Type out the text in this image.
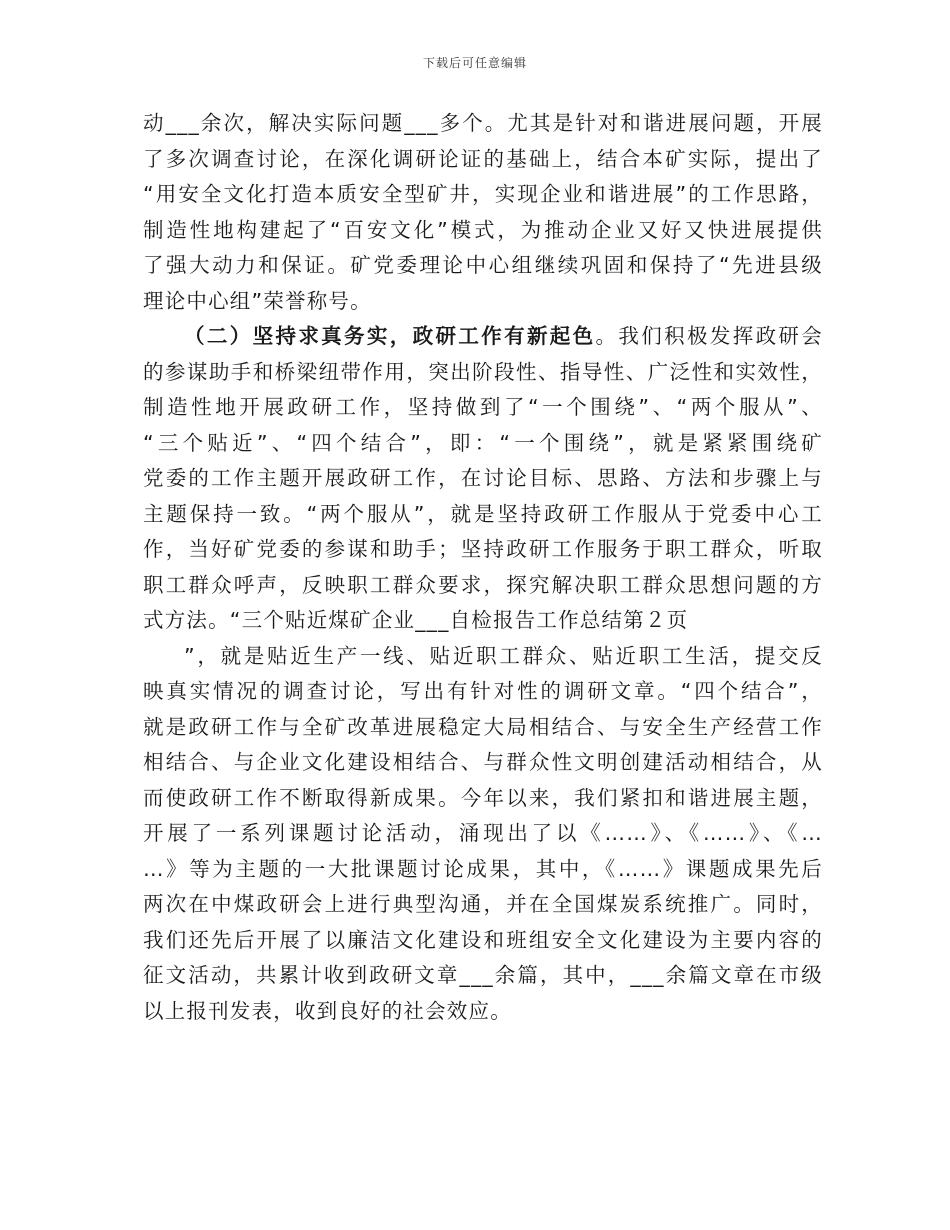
下载后可任意编辑
动___余次，解决实际问题___多个。尤其是针对和谐进展问题，开展
了多次调查讨论，在深化调研论证的基础上，结合本矿实际，提出了
“用安全文化打造本质安全型矿井，实现企业和谐进展”的工作思路，
制造性地构建起了“百安文化”模式，为推动企业又好又快进展提供
了强大动力和保证。矿党委理论中心组继续巩固和保持了“先进县级
理论中心组”荣誉称号。
（二）坚持求真务实，政研工作有新起色。我们积极发挥政研会
的参谋助手和桥梁纽带作用，突出阶段性、指导性、广泛性和实效性，
制造性地开展政研工作，坚持做到了“一个围绕”、“两个服从”、
“三个贴近”、“四个结合”，即：“一个围绕”，就是紧紧围绕矿
党委的工作主题开展政研工作，在讨论目标、思路、方法和步骤上与
主题保持一致。“两个服从”，就是坚持政研工作服从于党委中心工
作，当好矿党委的参谋和助手；坚持政研工作服务于职工群众，听取
职工群众呼声，反映职工群众要求，探究解决职工群众思想问题的方
式方法。“三个贴近煤矿企业___自检报告工作总结第２页
”，就是贴近生产一线、贴近职工群众、贴近职工生活，提交反
映真实情况的调查讨论，写出有针对性的调研文章。“四个结合”，
就是政研工作与全矿改革进展稳定大局相结合、与安全生产经营工作
相结合、与企业文化建设相结合、与群众性文明创建活动相结合，从
而使政研工作不断取得新成果。今年以来，我们紧扣和谐进展主题，
开展了一系列课题讨论活动，涌现出了以《……》、《……》、《…
…》等为主题的一大批课题讨论成果，其中，《……》课题成果先后
两次在中煤政研会上进行典型沟通，并在全国煤炭系统推广。同时，
我们还先后开展了以廉洁文化建设和班组安全文化建设为主要内容的
征文活动，共累计收到政研文章___余篇，其中，___余篇文章在市级
以上报刊发表，收到良好的社会效应。
